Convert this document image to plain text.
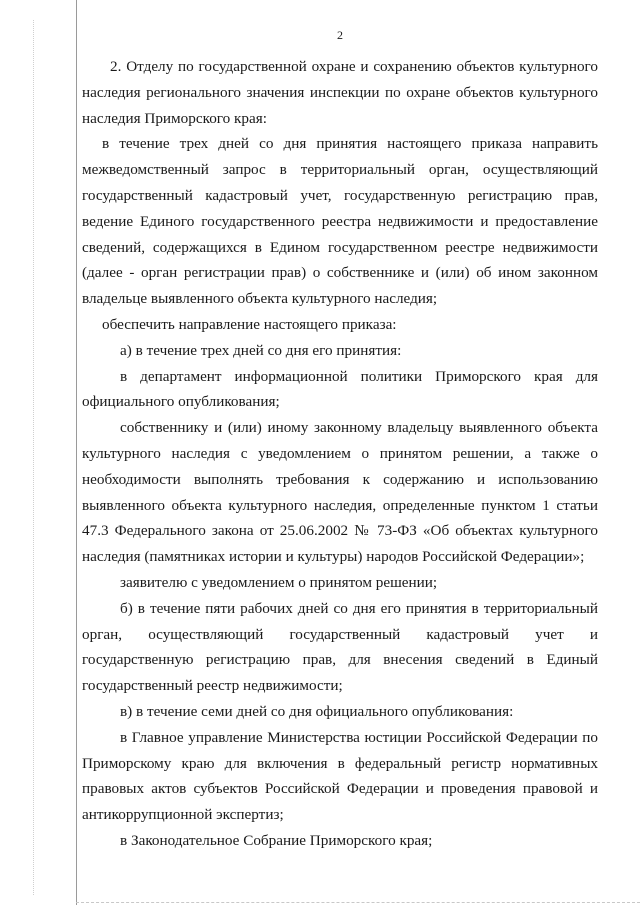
2

2. Отделу по государственной охране и сохранению объектов культурного наследия регионального значения инспекции по охране объектов культурного наследия Приморского края:

в течение трех дней со дня принятия настоящего приказа направить межведомственный запрос в территориальный орган, осуществляющий государственный кадастровый учет, государственную регистрацию прав, ведение Единого государственного реестра недвижимости и предоставление сведений, содержащихся в Едином государственном реестре недвижимости (далее - орган регистрации прав) о собственнике и (или) об ином законном владельце выявленного объекта культурного наследия;

обеспечить направление настоящего приказа:

а) в течение трех дней со дня его принятия:

в департамент информационной политики Приморского края для официального опубликования;

собственнику и (или) иному законному владельцу выявленного объекта культурного наследия с уведомлением о принятом решении, а также о необходимости выполнять требования к содержанию и использованию выявленного объекта культурного наследия, определенные пунктом 1 статьи 47.3 Федерального закона от 25.06.2002 № 73-ФЗ «Об объектах культурного наследия (памятниках истории и культуры) народов Российской Федерации»;

заявителю с уведомлением о принятом решении;

б) в течение пяти рабочих дней со дня его принятия в территориальный орган, осуществляющий государственный кадастровый учет и государственную регистрацию прав, для внесения сведений в Единый государственный реестр недвижимости;

в) в течение семи дней со дня официального опубликования:

в Главное управление Министерства юстиции Российской Федерации по Приморскому краю для включения в федеральный регистр нормативных правовых актов субъектов Российской Федерации и проведения правовой и антикоррупционной экспертиз;

в Законодательное Собрание Приморского края;
